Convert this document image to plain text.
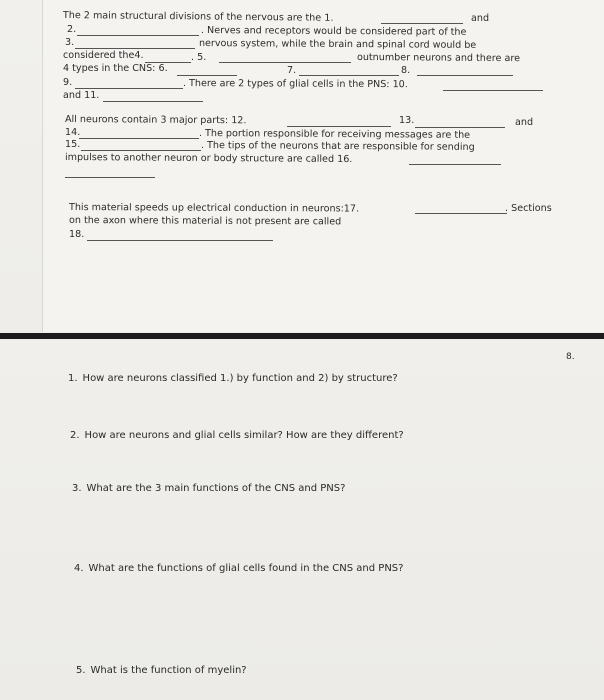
The 2 main structural divisions of the nervous are the 1.	and
2.	. Nerves and receptors would be considered part of the
3.	nervous system, while the brain and spinal cord would be
considered the4.	. 5.	outnumber neurons and there are
4 types in the CNS: 6.	7.	8.
9.	. There are 2 types of glial cells in the PNS: 10.
and 11.
All neurons contain 3 major parts: 12.	13.	and
14.	. The portion responsible for receiving messages are the
15.	. The tips of the neurons that are responsible for sending
impulses to another neuron or body structure are called 16.
This material speeds up electrical conduction in neurons:17.	. Sections
on the axon where this material is not present are called
18.
8.
1. How are neurons classified 1.) by function and 2) by structure?
2. How are neurons and glial cells similar? How are they different?
3. What are the 3 main functions of the CNS and PNS?
4. What are the functions of glial cells found in the CNS and PNS?
5. What is the function of myelin?
